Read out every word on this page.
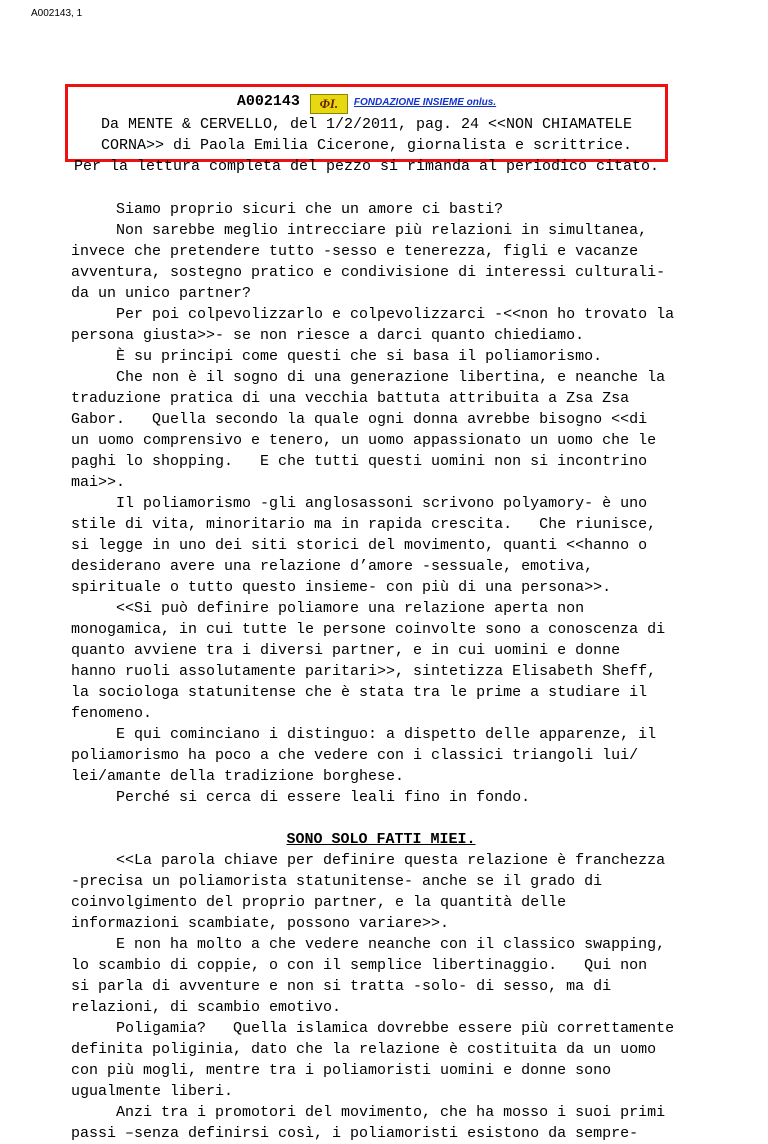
A002143, 1
A002143 ΦI. FONDAZIONE INSIEME onlus.
Da MENTE & CERVELLO, del 1/2/2011, pag. 24 <<NON CHIAMATELE
CORNA>> di Paola Emilia Cicerone, giornalista e scrittrice.
Per la lettura completa del pezzo si rimanda al periodico citato.

Siamo proprio sicuri che un amore ci basti?

Non sarebbe meglio intrecciare più relazioni in simultanea,

invece che pretendere tutto -sesso e tenerezza, figli e vacanze

avventura, sostegno pratico e condivisione di interessi culturali-

da un unico partner?

Per poi colpevolizzarlo e colpevolizzarci -<<non ho trovato la

persona giusta>>- se non riesce a darci quanto chiediamo.

È su principi come questi che si basa il poliamorismo.

Che non è il sogno di una generazione libertina, e neanche la

traduzione pratica di una vecchia battuta attribuita a Zsa Zsa

Gabor.   Quella secondo la quale ogni donna avrebbe bisogno <<di

un uomo comprensivo e tenero, un uomo appassionato un uomo che le

paghi lo shopping.   E che tutti questi uomini non si incontrino

mai>>.

Il poliamorismo -gli anglosassoni scrivono polyamory- è uno

stile di vita, minoritario ma in rapida crescita.   Che riunisce,

si legge in uno dei siti storici del movimento, quanti <<hanno o

desiderano avere una relazione d’amore -sessuale, emotiva,

spirituale o tutto questo insieme- con più di una persona>>.

<<Si può definire poliamore una relazione aperta non

monogamica, in cui tutte le persone coinvolte sono a conoscenza di

quanto avviene tra i diversi partner, e in cui uomini e donne

hanno ruoli assolutamente paritari>>, sintetizza Elisabeth Sheff,

la sociologa statunitense che è stata tra le prime a studiare il

fenomeno.

E qui cominciano i distinguo: a dispetto delle apparenze, il

poliamorismo ha poco a che vedere con i classici triangoli lui/

lei/amante della tradizione borghese.

Perché si cerca di essere leali fino in fondo.

SONO SOLO FATTI MIEI.

<<La parola chiave per definire questa relazione è franchezza

-precisa un poliamorista statunitense- anche se il grado di

coinvolgimento del proprio partner, e la quantità delle

informazioni scambiate, possono variare>>.

E non ha molto a che vedere neanche con il classico swapping,

lo scambio di coppie, o con il semplice libertinaggio.   Qui non

si parla di avventure e non si tratta -solo- di sesso, ma di

relazioni, di scambio emotivo.

Poligamia?   Quella islamica dovrebbe essere più correttamente

definita poliginia, dato che la relazione è costituita da un uomo

con più mogli, mentre tra i poliamoristi uomini e donne sono

ugualmente liberi.

Anzi tra i promotori del movimento, che ha mosso i suoi primi

passi –senza definirsi così, i poliamoristi esistono da sempre-
